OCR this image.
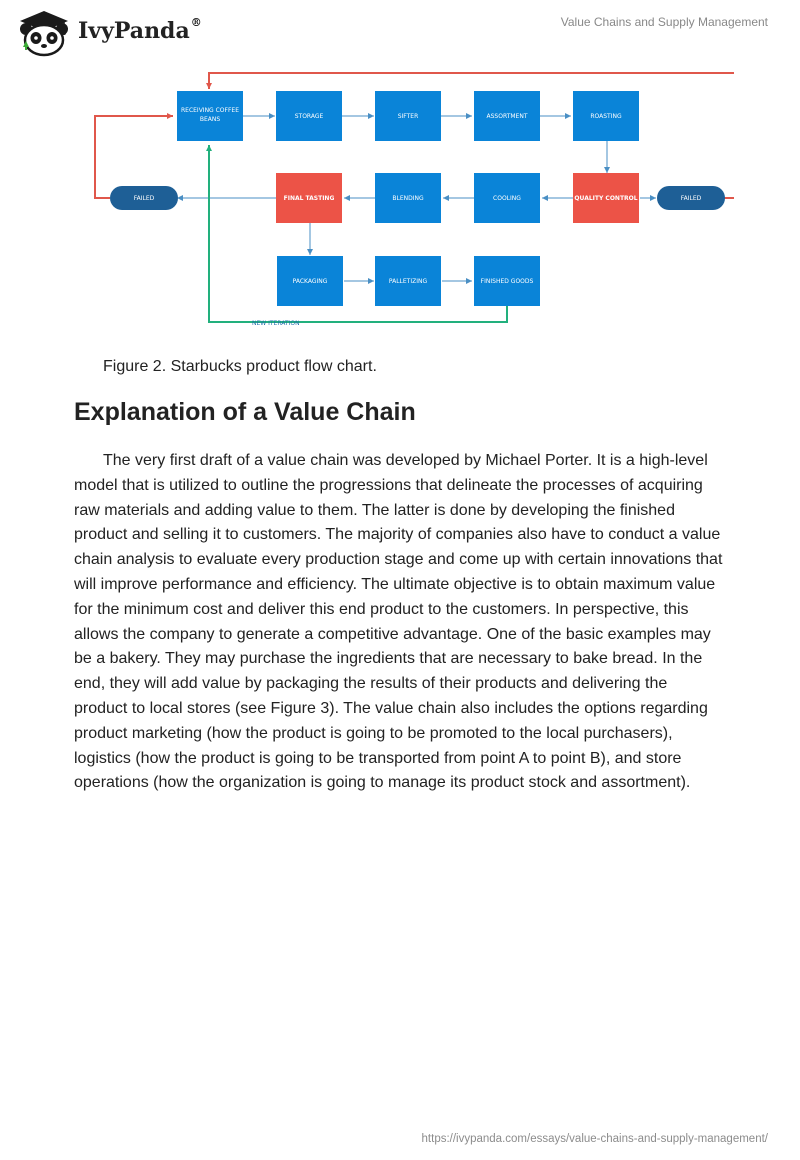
IvyPanda®	Value Chains and Supply Management
RECEIVING COFFEE
BEANS	STORAGE	SIFTER	ASSORTMENT	ROASTING
QUALITY CONTROL
COOLING
BLENDING
FINAL TASTING
FAILED	FAILED
PACKAGING	PALLETIZING	FINISHED GOODS
NEW ITERATION
Figure 2. Starbucks product flow chart.
Explanation of a Value Chain

The very first draft of a value chain was developed by Michael Porter. It is a high-level model that is utilized to outline the progressions that delineate the processes of acquiring raw materials and adding value to them. The latter is done by developing the finished product and selling it to customers. The majority of companies also have to conduct a value chain analysis to evaluate every production stage and come up with certain innovations that will improve performance and efficiency. The ultimate objective is to obtain maximum value for the minimum cost and deliver this end product to the customers. In perspective, this allows the company to generate a competitive advantage. One of the basic examples may be a bakery. They may purchase the ingredients that are necessary to bake bread. In the end, they will add value by packaging the results of their products and delivering the product to local stores (see Figure 3). The value chain also includes the options regarding product marketing (how the product is going to be promoted to the local purchasers), logistics (how the product is going to be transported from point A to point B), and store operations (how the organization is going to manage its product stock and assortment).

https://ivypanda.com/essays/value-chains-and-supply-management/
